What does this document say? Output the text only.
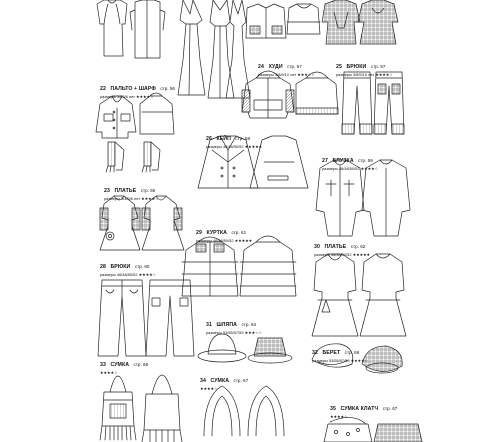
22 ПАЛЬТО + ШАРФ стр. 56
размеры 34/3/6 лет ★★★★☆
24 ХУДИ стр. 57
размеры 3/8/9/10 лет ★★★☆☆
25 БРЮКИ стр. 57
размеры 3/8/9/10 лет ★★★★☆
26 КЕЙП стр. 58
размеры 46/48/50/52 ★★★★★
27 БЛУЗКА стр. 59
размеры 46/48/50/52 ★★★★☆
23 ПЛАТЬЕ стр. 55
размеры 3/4/5/6 лет ★★★★☆
29 КУРТКА стр. 61
размеры 46/48/50/52 ★★★★★
30 ПЛАТЬЕ стр. 62
размеры 46/48/50/52 ★★★★★
28 БРЮКИ стр. 60
размеры 46/48/50/52 ★★★★☆
31 ШЛЯПА стр. 64
размеры 53/55/57/59 ★★★☆☆
32 БЕРЕТ стр. 66
размеры 53/55/57/59 ★★★★☆
33 СУМКА стр. 66
★★★★☆
34 СУМКА стр. 67
★★★★☆
35 СУМКА КЛАТЧ стр. 67
★★★★☆
